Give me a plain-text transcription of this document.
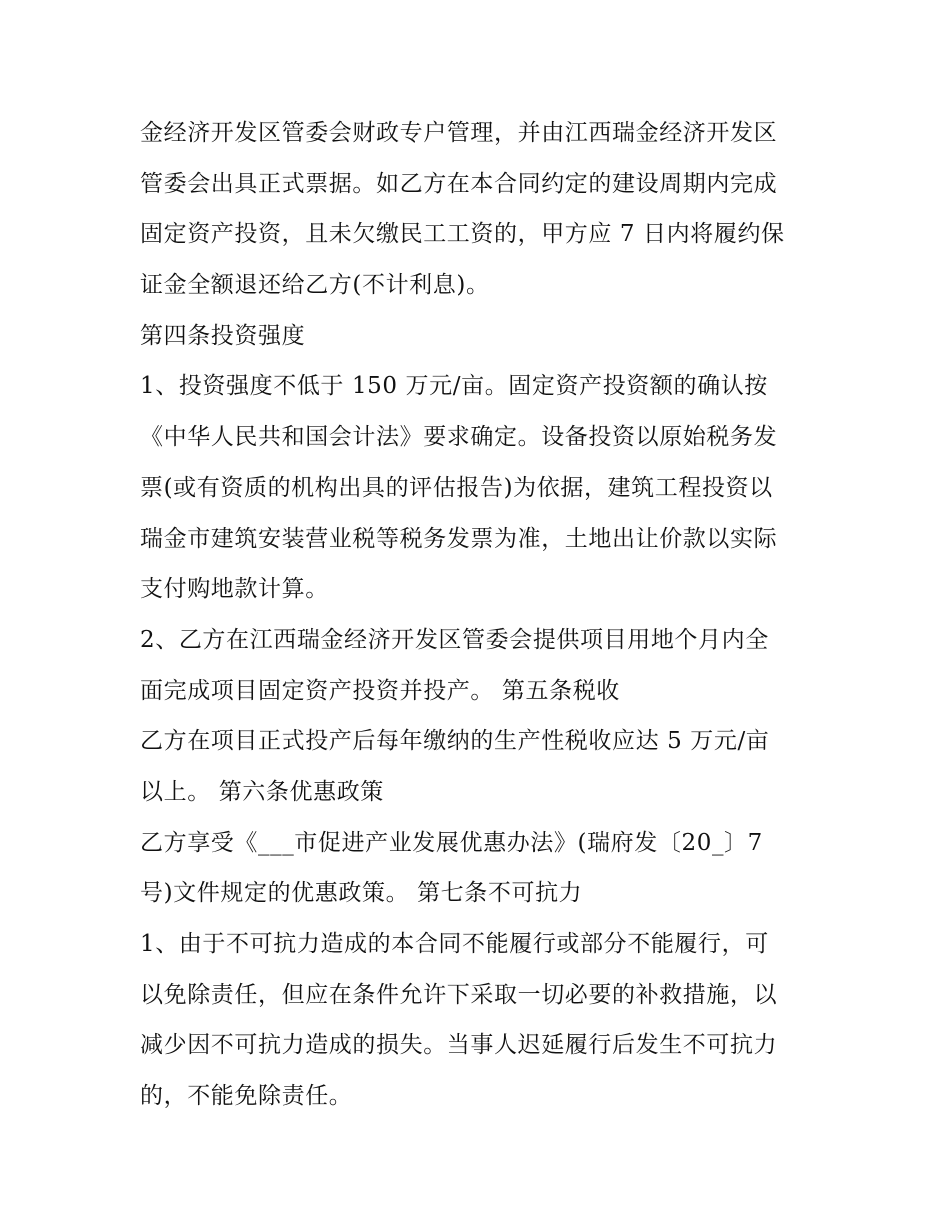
金经济开发区管委会财政专户管理，并由江西瑞金经济开发区
管委会出具正式票据。如乙方在本合同约定的建设周期内完成
固定资产投资，且未欠缴民工工资的，甲方应 7 日内将履约保
证金全额退还给乙方(不计利息)。
第四条投资强度
1、投资强度不低于 150 万元/亩。固定资产投资额的确认按
《中华人民共和国会计法》要求确定。设备投资以原始税务发
票(或有资质的机构出具的评估报告)为依据，建筑工程投资以
瑞金市建筑安装营业税等税务发票为准，土地出让价款以实际
支付购地款计算。
2、乙方在江西瑞金经济开发区管委会提供项目用地个月内全
面完成项目固定资产投资并投产。 第五条税收
乙方在项目正式投产后每年缴纳的生产性税收应达 5 万元/亩
以上。 第六条优惠政策
乙方享受《___市促进产业发展优惠办法》(瑞府发〔20_〕7
号)文件规定的优惠政策。 第七条不可抗力
1、由于不可抗力造成的本合同不能履行或部分不能履行，可
以免除责任，但应在条件允许下采取一切必要的补救措施，以
减少因不可抗力造成的损失。当事人迟延履行后发生不可抗力
的，不能免除责任。
